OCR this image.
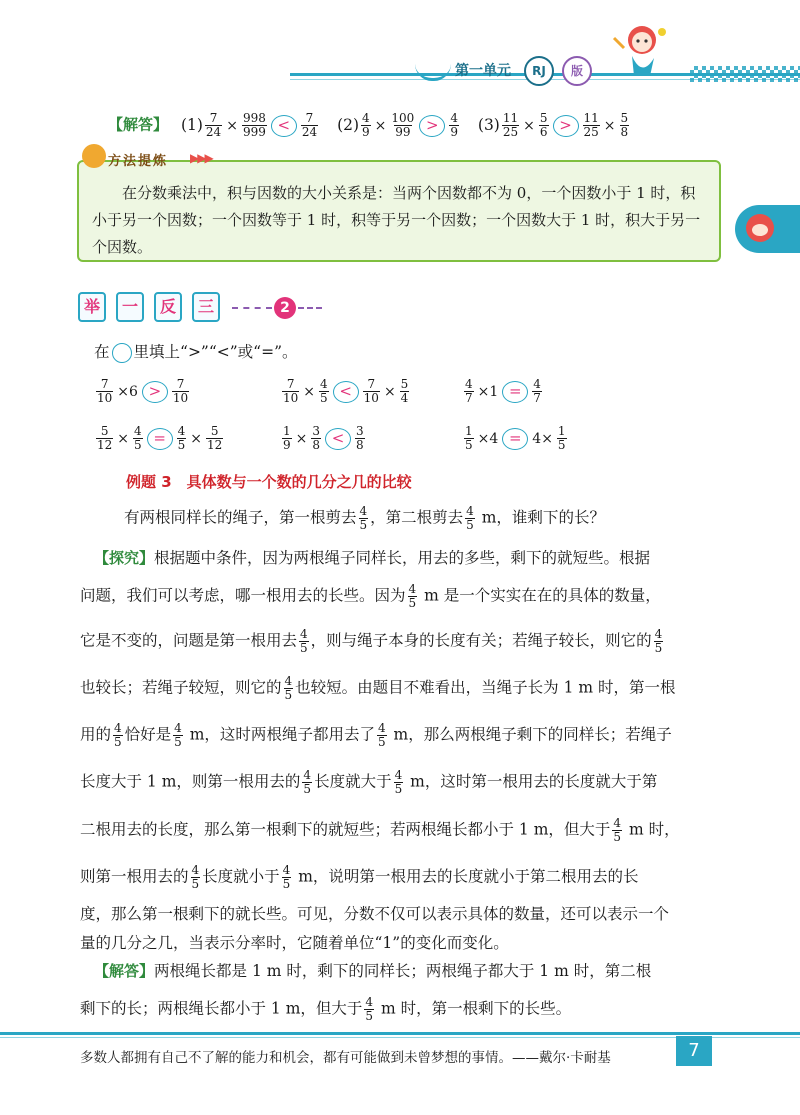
第一单元	RJ	版
【解答】 $(1) \frac{7}{24} \times \frac{998}{999} < \frac{7}{24} (2) \frac{4}{9} \times \frac{100}{99} > \frac{4}{9} (3) \frac{11}{25} \times \frac{5}{6} > \frac{11}{25} \times \frac{5}{8}$
方法提炼 ▶▶▶
在分数乘法中，积与因数的大小关系是：当两个因数都不为 0，一个因数小于 1 时，积小于另一个因数；一个因数等于 1 时，积等于另一个因数；一个因数大于 1 时，积大于另一个因数。
举 一 反 三	2
在 里填上“>”“<”或“=”。
$\frac{7}{10} \times 6 > \frac{7}{10}$	$\frac{7}{10} \times \frac{4}{5} < \frac{7}{10} \times \frac{5}{4}$	$\frac{4}{7} \times 1 = \frac{4}{7}$
$\frac{5}{12} \times \frac{4}{5} = \frac{4}{5} \times \frac{5}{12}$	$\frac{1}{9} \times \frac{3}{8} < \frac{3}{8}$	$\frac{1}{5} \times 4 = 4\times \frac{1}{5}$
例题 3　具体数与一个数的几分之几的比较
有两根同样长的绳子，第一根剪去 $\frac{4}{5}$ ，第二根剪去 $\frac{4}{5}$ m，谁剩下的长？
【探究】根据题中条件，因为两根绳子同样长，用去的多些，剩下的就短些。根据
问题，我们可以考虑，哪一根用去的长些。因为 $\frac{4}{5}$ m 是一个实实在在的具体的数量，
它是不变的，问题是第一根用去 $\frac{4}{5}$ ，则与绳子本身的长度有关；若绳子较长，则它的 $\frac{4}{5}$
也较长；若绳子较短，则它的 $\frac{4}{5}$ 也较短。由题目不难看出，当绳子长为 1 m 时，第一根
用的 $\frac{4}{5}$ 恰好是 $\frac{4}{5}$ m，这时两根绳子都用去了 $\frac{4}{5}$ m，那么两根绳子剩下的同样长；若绳子
长度大于 1 m，则第一根用去的 $\frac{4}{5}$ 长度就大于 $\frac{4}{5}$ m，这时第一根用去的长度就大于第
二根用去的长度，那么第一根剩下的就短些；若两根绳长都小于 1 m，但大于 $\frac{4}{5}$ m 时，
则第一根用去的 $\frac{4}{5}$ 长度就小于 $\frac{4}{5}$ m，说明第一根用去的长度就小于第二根用去的长
度，那么第一根剩下的就长些。可见，分数不仅可以表示具体的数量，还可以表示一个
量的几分之几，当表示分率时，它随着单位“1”的变化而变化。
【解答】两根绳长都是 1 m 时，剩下的同样长；两根绳子都大于 1 m 时，第二根
剩下的长；两根绳长都小于 1 m，但大于 $\frac{4}{5}$ m 时，第一根剩下的长些。
多数人都拥有自己不了解的能力和机会，都有可能做到未曾梦想的事情。——戴尔·卡耐基	7
